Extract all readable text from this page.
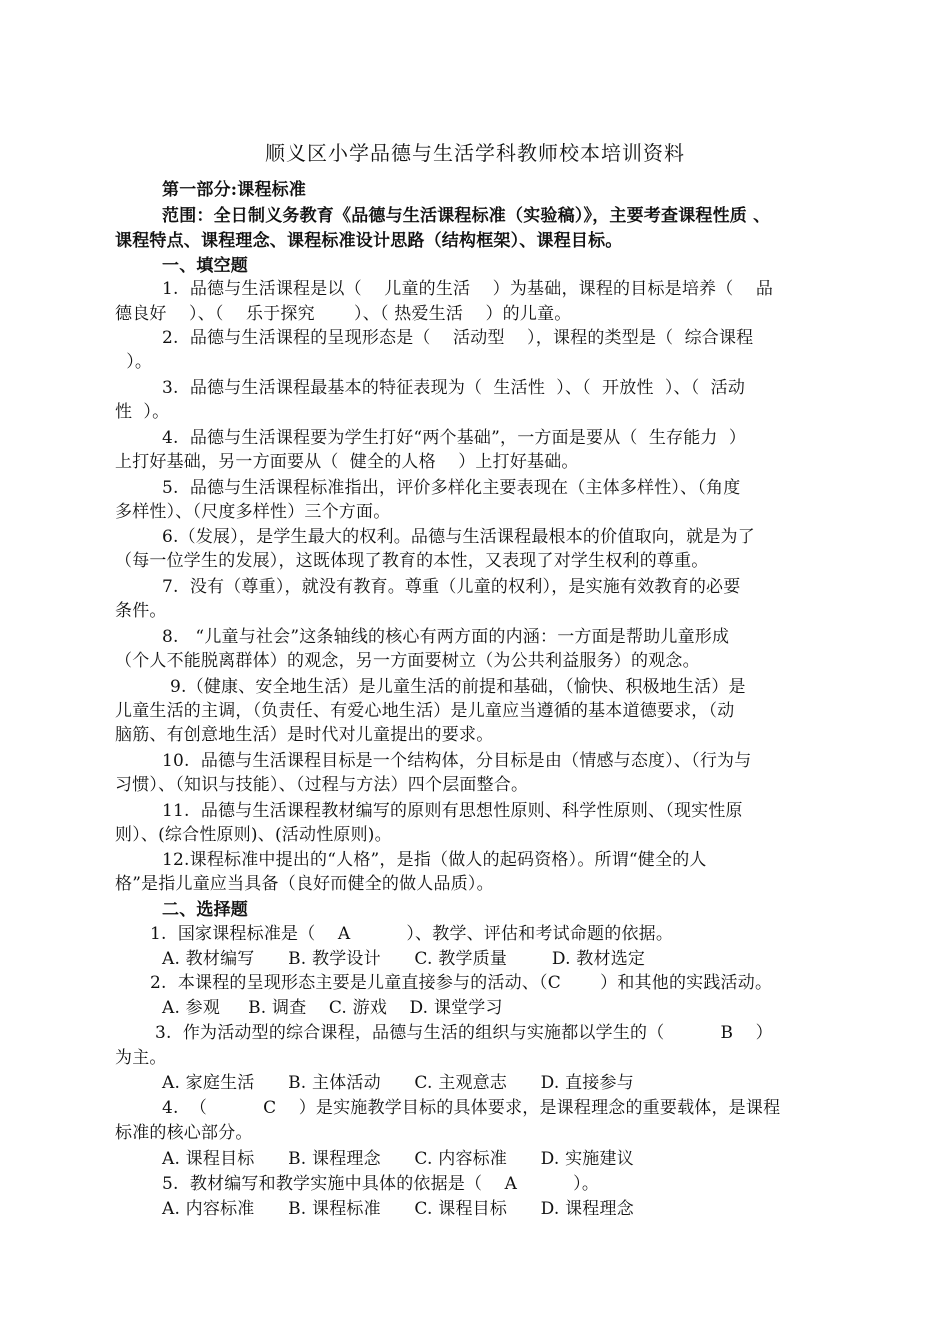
顺义区小学品德与生活学科教师校本培训资料
第一部分:课程标准
范围：全日制义务教育《品德与生活课程标准（实验稿）》，主要考查课程性质 、
课程特点、课程理念、课程标准设计思路（结构框架）、课程目标。
一、填空题
1.  品德与生活课程是以（    儿童的生活    ）为基础，课程的目标是培养（    品
德良好    ）、（    乐于探究       ）、（ 热爱生活    ）的儿童。
2.  品德与生活课程的呈现形态是（    活动型    ），课程的类型是（  综合课程
）。
3.  品德与生活课程最基本的特征表现为（  生活性  ）、（  开放性  ）、（  活动
性  ）。
4.  品德与生活课程要为学生打好“两个基础”，一方面是要从（  生存能力  ）
上打好基础，另一方面要从（  健全的人格    ）上打好基础。
5.  品德与生活课程标准指出，评价多样化主要表现在（主体多样性）、（角度
多样性）、（尺度多样性）三个方面。
6.（发展），是学生最大的权利。品德与生活课程最根本的价值取向，就是为了
（每一位学生的发展），这既体现了教育的本性，又表现了对学生权利的尊重。
7.  没有（尊重），就没有教育。尊重（儿童的权利），是实施有效教育的必要
条件。
8.   “儿童与社会”这条轴线的核心有两方面的内涵：一方面是帮助儿童形成
（个人不能脱离群体）的观念，另一方面要树立（为公共利益服务）的观念。
9.（健康、安全地生活）是儿童生活的前提和基础，（愉快、积极地生活）是
儿童生活的主调，（负责任、有爱心地生活）是儿童应当遵循的基本道德要求，（动
脑筋、有创意地生活）是时代对儿童提出的要求。
10.  品德与生活课程目标是一个结构体，分目标是由（情感与态度）、（行为与
习惯）、（知识与技能）、（过程与方法）四个层面整合。
11.  品德与生活课程教材编写的原则有思想性原则、科学性原则、（现实性原
则）、(综合性原则)、(活动性原则)。
12.课程标准中提出的“人格”，是指（做人的起码资格）。所谓“健全的人
格”是指儿童应当具备（良好而健全的做人品质）。
二、选择题
1.  国家课程标准是（    A          ）、教学、评估和考试命题的依据。
A. 教材编写      B. 教学设计      C. 教学质量        D. 教材选定
2.  本课程的呈现形态主要是儿童直接参与的活动、（C       ）和其他的实践活动。
A. 参观     B. 调查    C. 游戏    D. 课堂学习
3.  作为活动型的综合课程，品德与生活的组织与实施都以学生的（          B    ）
为主。
A. 家庭生活      B. 主体活动      C. 主观意志      D. 直接参与
4.  （          C    ）是实施教学目标的具体要求，是课程理念的重要载体，是课程
标准的核心部分。
A. 课程目标      B. 课程理念      C. 内容标准      D. 实施建议
5.  教材编写和教学实施中具体的依据是（    A          ）。
A. 内容标准      B. 课程标准      C. 课程目标      D. 课程理念
